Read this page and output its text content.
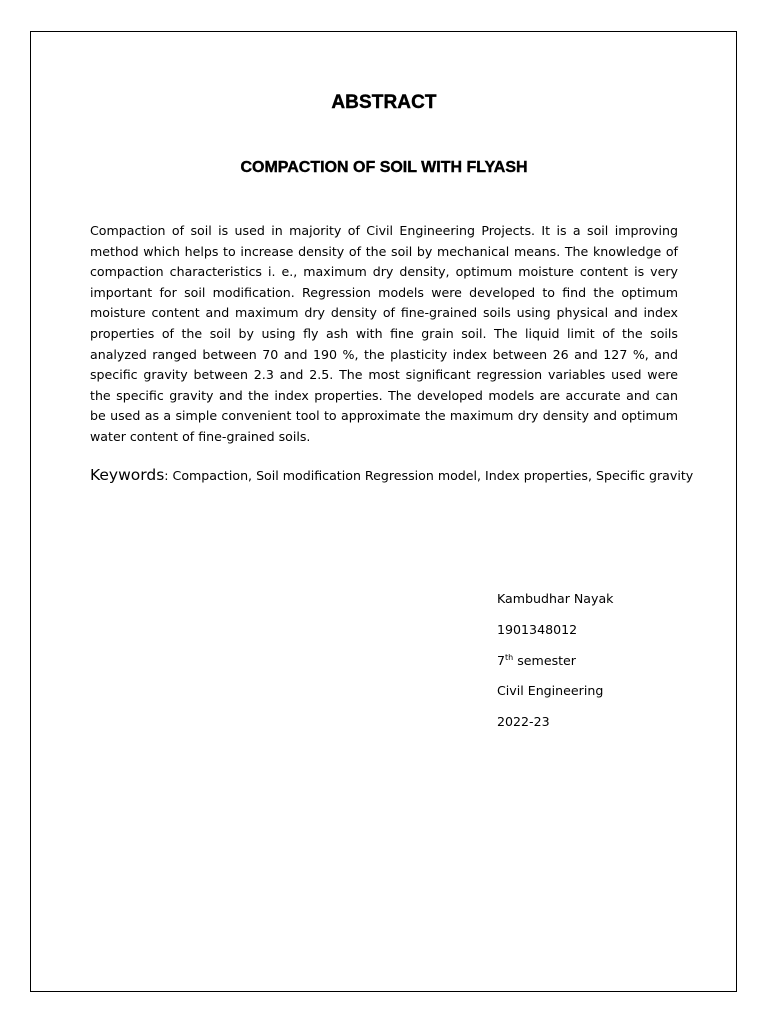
ABSTRACT
COMPACTION OF SOIL WITH FLYASH

Compaction of soil is used in majority of Civil Engineering Projects. It is a soil improving method which helps to increase density of the soil by mechanical means. The knowledge of compaction characteristics i. e., maximum dry density, optimum moisture content is very important for soil modification. Regression models were developed to find the optimum moisture content and maximum dry density of fine-grained soils using physical and index properties of the soil by using fly ash with fine grain soil. The liquid limit of the soils analyzed ranged between 70 and 190 %, the plasticity index between 26 and 127 %, and specific gravity between 2.3 and 2.5. The most significant regression variables used were the specific gravity and the index properties. The developed models are accurate and can be used as a simple convenient tool to approximate the maximum dry density and optimum water content of fine-grained soils.

Keywords: Compaction, Soil modification Regression model, Index properties, Specific gravity

Kambudhar Nayak
1901348012
7th semester
Civil Engineering
2022-23
